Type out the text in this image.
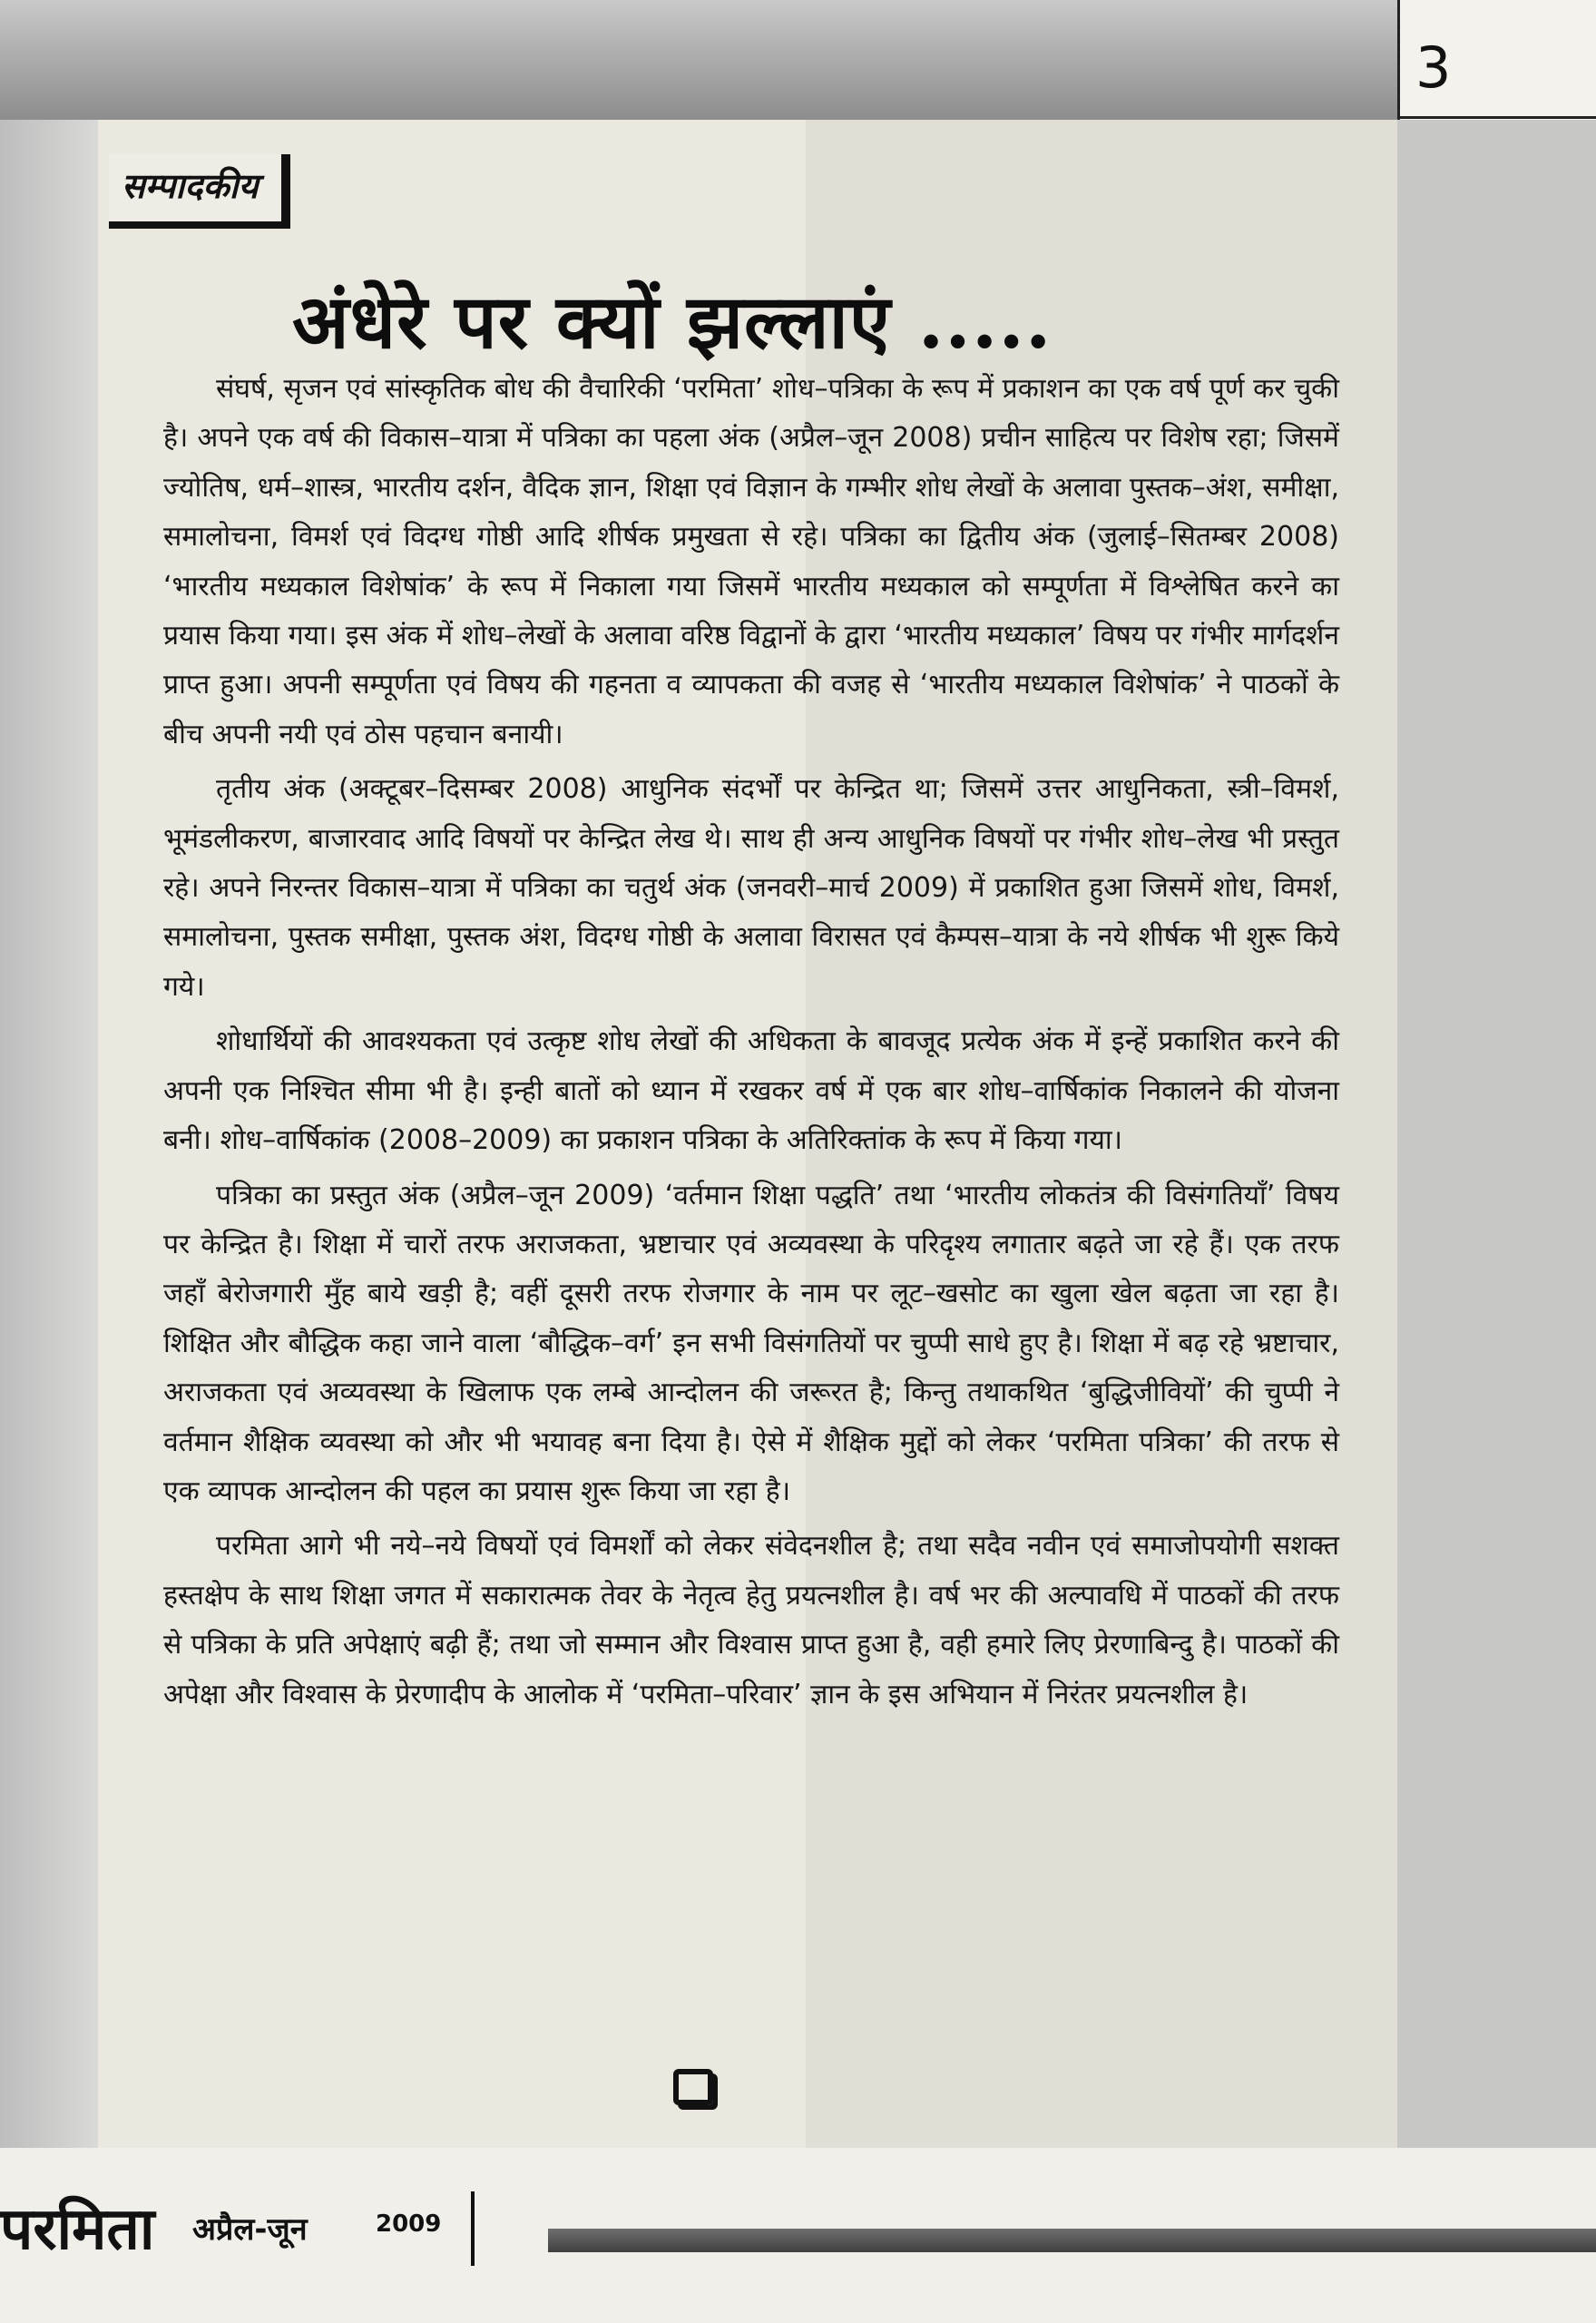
3
सम्पादकीय
अंधेरे पर क्यों झल्लाएं .....

संघर्ष, सृजन एवं सांस्कृतिक बोध की वैचारिकी ‘परमिता’ शोध–पत्रिका के रूप में प्रकाशन का एक वर्ष पूर्ण कर चुकी है। अपने एक वर्ष की विकास–यात्रा में पत्रिका का पहला अंक (अप्रैल–जून 2008) प्रचीन साहित्य पर विशेष रहा; जिसमें ज्योतिष, धर्म–शास्त्र, भारतीय दर्शन, वैदिक ज्ञान, शिक्षा एवं विज्ञान के गम्भीर शोध लेखों के अलावा पुस्तक–अंश, समीक्षा, समालोचना, विमर्श एवं विदग्ध गोष्ठी आदि शीर्षक प्रमुखता से रहे। पत्रिका का द्वितीय अंक (जुलाई–सितम्बर 2008) ‘भारतीय मध्यकाल विशेषांक’ के रूप में निकाला गया जिसमें भारतीय मध्यकाल को सम्पूर्णता में विश्लेषित करने का प्रयास किया गया। इस अंक में शोध–लेखों के अलावा वरिष्ठ विद्वानों के द्वारा ‘भारतीय मध्यकाल’ विषय पर गंभीर मार्गदर्शन प्राप्त हुआ। अपनी सम्पूर्णता एवं विषय की गहनता व व्यापकता की वजह से ‘भारतीय मध्यकाल विशेषांक’ ने पाठकों के बीच अपनी नयी एवं ठोस पहचान बनायी।

तृतीय अंक (अक्टूबर–दिसम्बर 2008) आधुनिक संदर्भों पर केन्द्रित था; जिसमें उत्तर आधुनिकता, स्त्री–विमर्श, भूमंडलीकरण, बाजारवाद आदि विषयों पर केन्द्रित लेख थे। साथ ही अन्य आधुनिक विषयों पर गंभीर शोध–लेख भी प्रस्तुत रहे। अपने निरन्तर विकास–यात्रा में पत्रिका का चतुर्थ अंक (जनवरी–मार्च 2009) में प्रकाशित हुआ जिसमें शोध, विमर्श, समालोचना, पुस्तक समीक्षा, पुस्तक अंश, विदग्ध गोष्ठी के अलावा विरासत एवं कैम्पस–यात्रा के नये शीर्षक भी शुरू किये गये।

शोधार्थियों की आवश्यकता एवं उत्कृष्ट शोध लेखों की अधिकता के बावजूद प्रत्येक अंक में इन्हें प्रकाशित करने की अपनी एक निश्चित सीमा भी है। इन्ही बातों को ध्यान में रखकर वर्ष में एक बार शोध–वार्षिकांक निकालने की योजना बनी। शोध–वार्षिकांक (2008–2009) का प्रकाशन पत्रिका के अतिरिक्तांक के रूप में किया गया।

पत्रिका का प्रस्तुत अंक (अप्रैल–जून 2009) ‘वर्तमान शिक्षा पद्धति’ तथा ‘भारतीय लोकतंत्र की विसंगतियाँ’ विषय पर केन्द्रित है। शिक्षा में चारों तरफ अराजकता, भ्रष्टाचार एवं अव्यवस्था के परिदृश्य लगातार बढ़ते जा रहे हैं। एक तरफ जहाँ बेरोजगारी मुँह बाये खड़ी है; वहीं दूसरी तरफ रोजगार के नाम पर लूट–खसोट का खुला खेल बढ़ता जा रहा है। शिक्षित और बौद्धिक कहा जाने वाला ‘बौद्धिक–वर्ग’ इन सभी विसंगतियों पर चुप्पी साधे हुए है। शिक्षा में बढ़ रहे भ्रष्टाचार, अराजकता एवं अव्यवस्था के खिलाफ एक लम्बे आन्दोलन की जरूरत है; किन्तु तथाकथित ‘बुद्धिजीवियों’ की चुप्पी ने वर्तमान शैक्षिक व्यवस्था को और भी भयावह बना दिया है। ऐसे में शैक्षिक मुद्दों को लेकर ‘परमिता पत्रिका’ की तरफ से एक व्यापक आन्दोलन की पहल का प्रयास शुरू किया जा रहा है।

परमिता आगे भी नये–नये विषयों एवं विमर्शों को लेकर संवेदनशील है; तथा सदैव नवीन एवं समाजोपयोगी सशक्त हस्तक्षेप के साथ शिक्षा जगत में सकारात्मक तेवर के नेतृत्व हेतु प्रयत्नशील है। वर्ष भर की अल्पावधि में पाठकों की तरफ से पत्रिका के प्रति अपेक्षाएं बढ़ी हैं; तथा जो सम्मान और विश्वास प्राप्त हुआ है, वही हमारे लिए प्रेरणाबिन्दु है। पाठकों की अपेक्षा और विश्वास के प्रेरणादीप के आलोक में ‘परमिता–परिवार’ ज्ञान के इस अभियान में निरंतर प्रयत्नशील है।

परमिता अप्रैल-जून	2009
